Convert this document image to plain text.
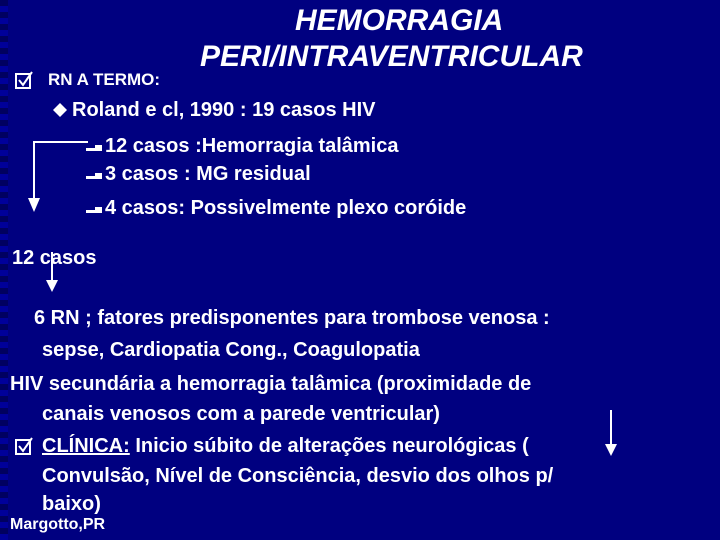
HEMORRAGIA
PERI/INTRAVENTRICULAR
RN A TERMO:
Roland e cl, 1990 : 19 casos HIV
12 casos :Hemorragia talâmica
3 casos : MG residual
4 casos: Possivelmente plexo coróide
12 casos
6 RN ; fatores predisponentes para trombose venosa :
sepse, Cardiopatia Cong., Coagulopatia
HIV secundária a hemorragia talâmica (proximidade de
canais venosos com a parede ventricular)
CLÍNICA: Inicio súbito de alterações neurológicas (
Convulsão, Nível de Consciência, desvio dos olhos p/
baixo)
Margotto,PR
